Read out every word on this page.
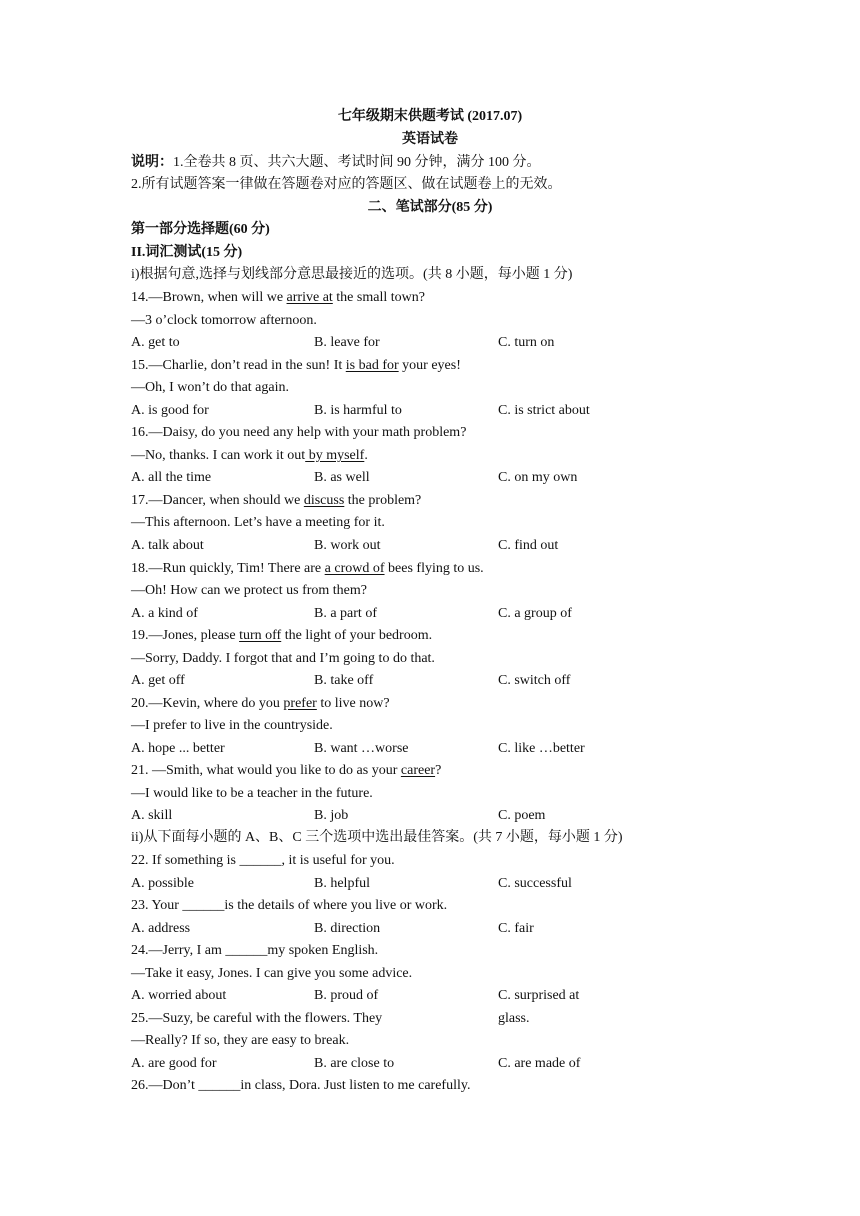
七年级期末供题考试 (2017.07)
英语试卷
说明：1.全卷共 8 页、共六大题、考试时间 90 分钟，满分 100 分。
2.所有试题答案一律做在答题卷对应的答题区、做在试题卷上的无效。
二、笔试部分(85 分)
第一部分选择题(60 分)
II.词汇测试(15 分)
i)根据句意,选择与划线部分意思最接近的选项。(共 8 小题，每小题 1 分)
14.—Brown, when will we arrive at the small town?
—3 o’clock tomorrow afternoon.
A. get to	B. leave for	C. turn on
15.—Charlie, don’t read in the sun! It is bad for your eyes!
—Oh, I won’t do that again.
A. is good for	B. is harmful to	C. is strict about
16.—Daisy, do you need any help with your math problem?
—No, thanks. I can work it out by myself.
A. all the time	B. as well	C. on my own
17.—Dancer, when should we discuss the problem?
—This afternoon. Let’s have a meeting for it.
A. talk about	B. work out	C. find out
18.—Run quickly, Tim! There are a crowd of bees flying to us.
—Oh! How can we protect us from them?
A. a kind of	B. a part of	C. a group of
19.—Jones, please turn off the light of your bedroom.
—Sorry, Daddy. I forgot that and I’m going to do that.
A. get off	B. take off	C. switch off
20.—Kevin, where do you prefer to live now?
—I prefer to live in the countryside.
A. hope ... better	B. want …worse	C. like …better
21. —Smith, what would you like to do as your career?
—I would like to be a teacher in the future.
A. skill	B. job	C. poem
ii)从下面每小题的 A、B、C 三个选项中选出最佳答案。(共 7 小题，每小题 1 分)
22. If something is ______, it is useful for you.
A. possible	B. helpful	C. successful
23. Your ______is the details of where you live or work.
A. address	B. direction	C. fair
24.—Jerry, I am ______my spoken English.
—Take it easy, Jones. I can give you some advice.
A. worried about	B. proud of	C. surprised at
25.—Suzy, be careful with the flowers. They	glass.
—Really? If so, they are easy to break.
A. are good for	B. are close to	C. are made of
26.—Don’t ______in class, Dora. Just listen to me carefully.
